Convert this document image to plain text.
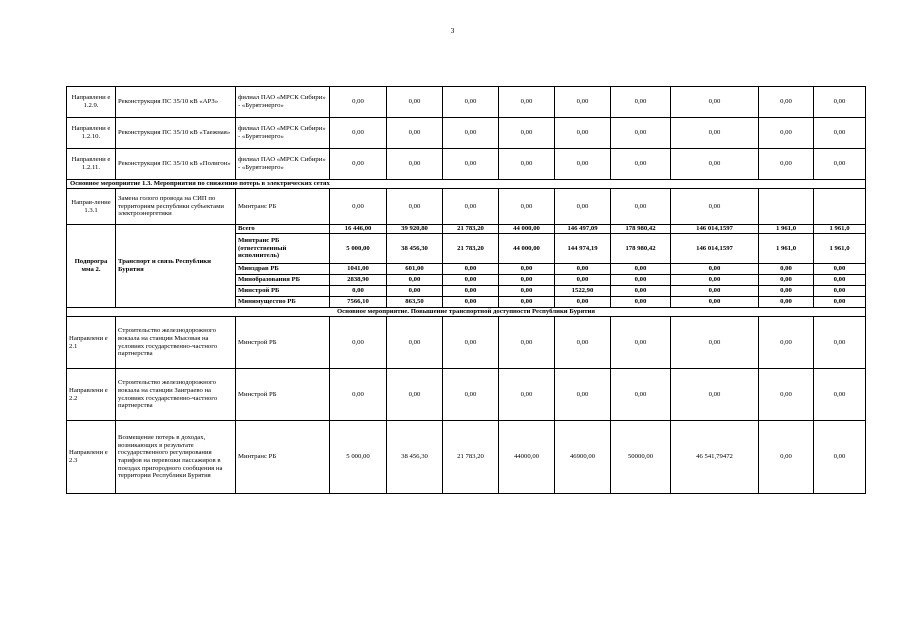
3
Направлени е 1.2.9.	Реконструкция ПС 35/10 кВ «АРЗ»	филиал ПАО «МРСК Сибири» - «Бурятэнерго»	0,00	0,00	0,00	0,00	0,00	0,00	0,00	0,00	0,00
Направлени е 1.2.10.	Реконструкция ПС 35/10 кВ «Таежная»	филиал ПАО «МРСК Сибири» - «Бурятэнерго»	0,00	0,00	0,00	0,00	0,00	0,00	0,00	0,00	0,00
Направлени е 1.2.11.	Реконструкция ПС 35/10 кВ «Полигон»	филиал ПАО «МРСК Сибири» - «Бурятэнерго»	0,00	0,00	0,00	0,00	0,00	0,00	0,00	0,00	0,00
Основное мероприятие 1.3. Мероприятия по снижению потерь в электрических сетях											
Направ-ление 1.3.1	Замена голого провода на СИП по территориям республики субъектами электроэнергетики	Минтранс РБ	0,00	0,00	0,00	0,00	0,00	0,00	0,00		
Подпрогра мма 2.	Транспорт и связь Республики Бурятия	Всего	16 446,00	39 920,80	21 783,20	44 000,00	146 497,09	178 980,42	146 014,1597	1 961,0	1 961,0
		Минтранс РБ (ответственный исполнитель)	5 000,00	38 456,30	21 783,20	44 000,00	144 974,19	178 980,42	146 014,1597	1 961,0	1 961,0
		Минздрав РБ	1041,00	601,00	0,00	0,00	0,00	0,00	0,00	0,00	0,00
		Минобразования РБ	2838,90	0,00	0,00	0,00	0,00	0,00	0,00	0,00	0,00
		Минстрой РБ	0,00	0,00	0,00	0,00	1522,90	0,00	0,00	0,00	0,00
		Минимущество РБ	7566,10	863,50	0,00	0,00	0,00	0,00	0,00	0,00	0,00
Основное мероприятие. Повышение транспортной доступности Республики Бурятия											
Направлени е 2.1	Строительство железнодорожного вокзала на станции Мысовая на условиях государственно-частного партнерства	Минстрой РБ	0,00	0,00	0,00	0,00	0,00	0,00	0,00	0,00	0,00
Направлени е 2.2	Строительство железнодорожного вокзала на станции Заиграево на условиях государственно-частного партнерства	Минстрой РБ	0,00	0,00	0,00	0,00	0,00	0,00	0,00	0,00	0,00
Направлени е 2.3	Возмещение потерь в доходах, возникающих в результате государственного регулирования тарифов на перевозки пассажиров в поездах пригородного сообщения на территории Республики Бурятия	Минтранс РБ	5 000,00	38 456,30	21 783,20	44000,00	46900,00	50000,00	46 541,79472	0,00	0,00
